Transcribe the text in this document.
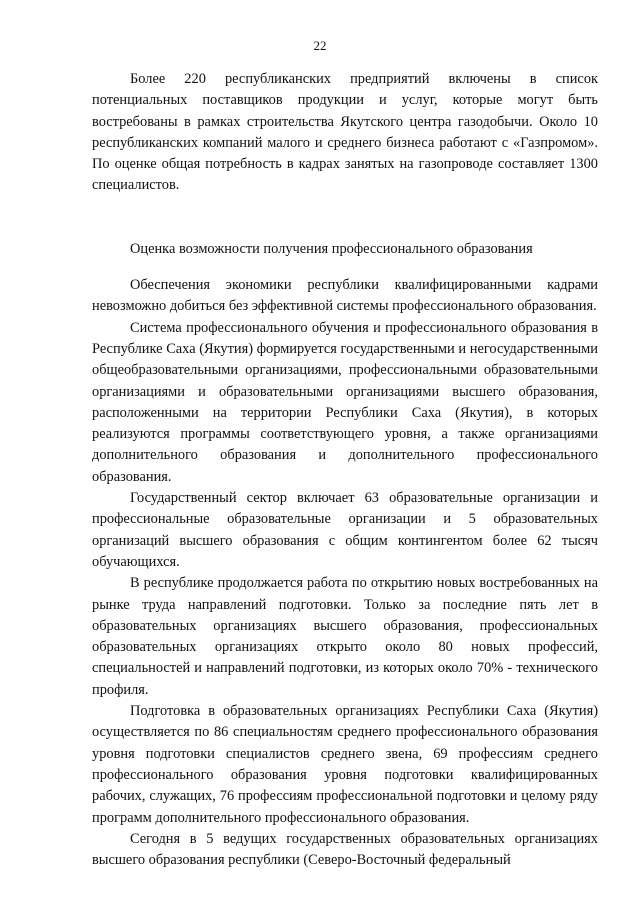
22

Более 220 республиканских предприятий включены в список потенциальных поставщиков продукции и услуг, которые могут быть востребованы в рамках строительства Якутского центра газодобычи. Около 10 республиканских компаний малого и среднего бизнеса работают с «Газпромом». По оценке общая потребность в кадрах занятых на газопроводе составляет 1300 специалистов.

Оценка возможности получения профессионального образования

Обеспечения экономики республики квалифицированными кадрами невозможно добиться без эффективной системы профессионального образования.

Система профессионального обучения и профессионального образования в Республике Саха (Якутия) формируется государственными и негосударственными общеобразовательными организациями, профессиональными образовательными организациями и образовательными организациями высшего образования, расположенными на территории Республики Саха (Якутия), в которых реализуются программы соответствующего уровня, а также организациями дополнительного образования и дополнительного профессионального образования.

Государственный сектор включает 63 образовательные организации и профессиональные образовательные организации и 5 образовательных организаций высшего образования с общим контингентом более 62 тысяч обучающихся.

В республике продолжается работа по открытию новых востребованных на рынке труда направлений подготовки. Только за последние пять лет в образовательных организациях высшего образования, профессиональных образовательных организациях открыто около 80 новых профессий, специальностей и направлений подготовки, из которых около 70% - технического профиля.

Подготовка в образовательных организациях Республики Саха (Якутия) осуществляется по 86 специальностям среднего профессионального образования уровня подготовки специалистов среднего звена, 69 профессиям среднего профессионального образования уровня подготовки квалифицированных рабочих, служащих, 76 профессиям профессиональной подготовки и целому ряду программ дополнительного профессионального образования.

Сегодня в 5 ведущих государственных образовательных организациях высшего образования республики (Северо-Восточный федеральный
